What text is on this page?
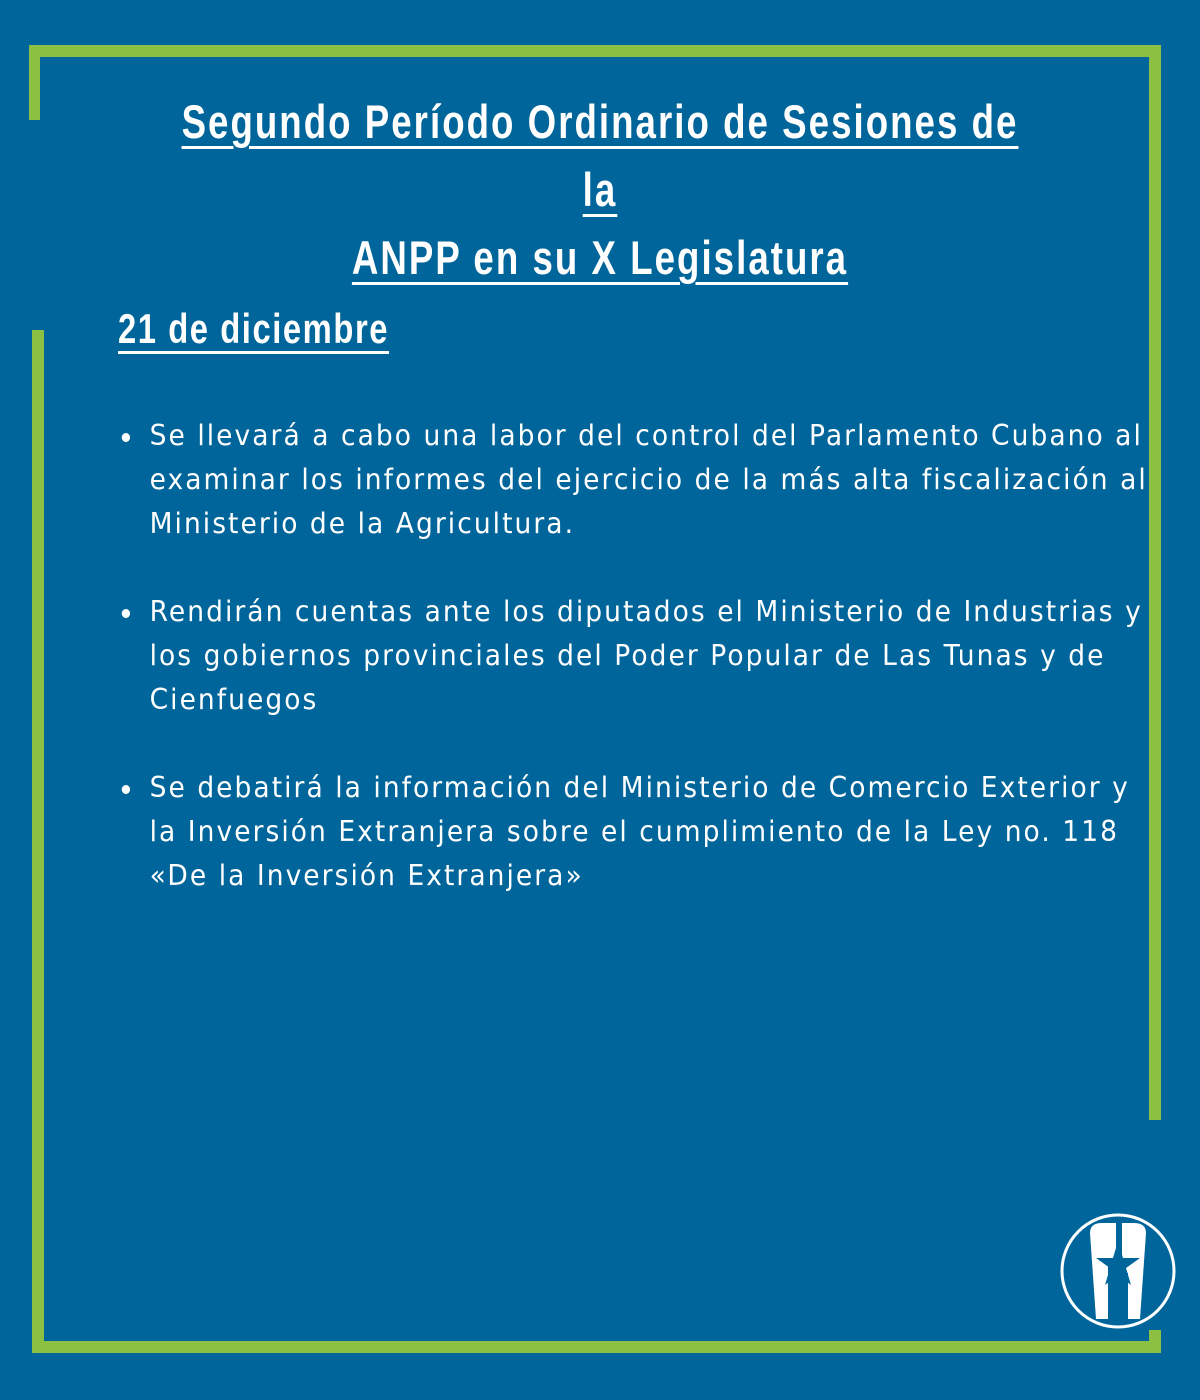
Segundo Período Ordinario de Sesiones de la
ANPP en su X Legislatura
21 de diciembre
Se llevará a cabo una labor del control del Parlamento Cubano al examinar los informes del ejercicio de la más alta fiscalización al Ministerio de la Agricultura.
Rendirán cuentas ante los diputados el Ministerio de Industrias y los gobiernos provinciales del Poder Popular de Las Tunas y de Cienfuegos
Se debatirá la información del Ministerio de Comercio Exterior y la Inversión Extranjera sobre el cumplimiento de la Ley no. 118 «De la Inversión Extranjera»
